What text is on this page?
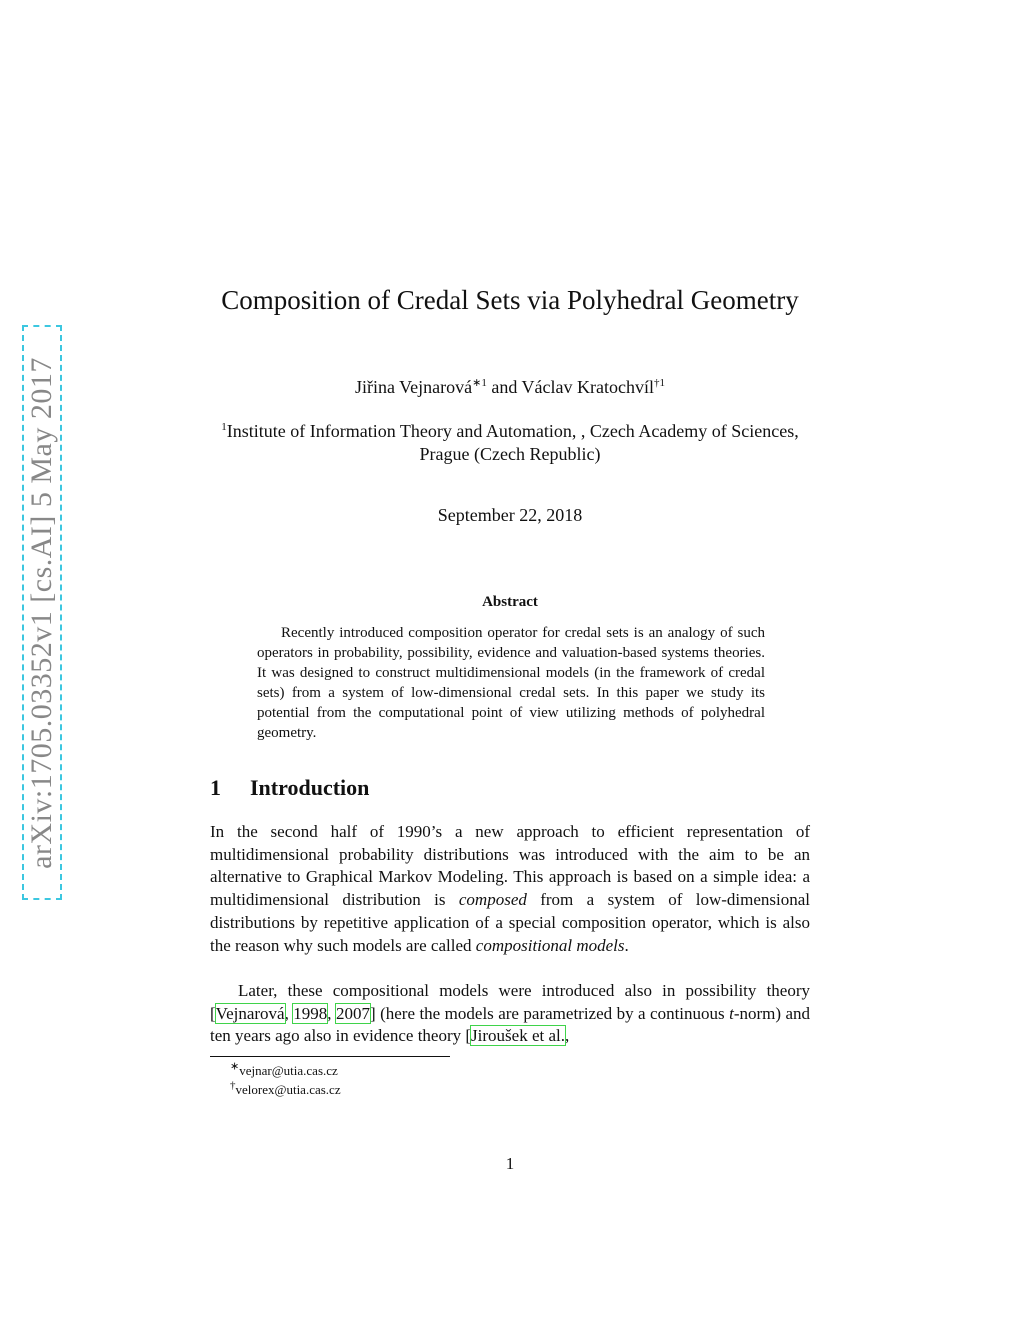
arXiv:1705.03352v1 [cs.AI] 5 May 2017
Composition of Credal Sets via Polyhedral Geometry
Jiřina Vejnarová$^{∗1}$ and Václav Kratochvíl$^{\dagger 1}$
$^1$Institute of Information Theory and Automation, , Czech Academy of Sciences, Prague (Czech Republic)
September 22, 2018
Abstract
Recently introduced composition operator for credal sets is an analogy of such operators in probability, possibility, evidence and valuation-based systems theories. It was designed to construct multidimensional models (in the framework of credal sets) from a system of low-dimensional credal sets. In this paper we study its potential from the computational point of view utilizing methods of polyhedral geometry.
1 Introduction
In the second half of 1990’s a new approach to efficient representation of multidimensional probability distributions was introduced with the aim to be an alternative to Graphical Markov Modeling. This approach is based on a simple idea: a multidimensional distribution is composed from a system of low-dimensional distributions by repetitive application of a special composition operator, which is also the reason why such models are called compositional models.
Later, these compositional models were introduced also in possibility theory [Vejnarová, 1998, 2007] (here the models are parametrized by a continuous t-norm) and ten years ago also in evidence theory [Jiroušek et al.,
∗vejnar@utia.cas.cz
†velorex@utia.cas.cz
1
